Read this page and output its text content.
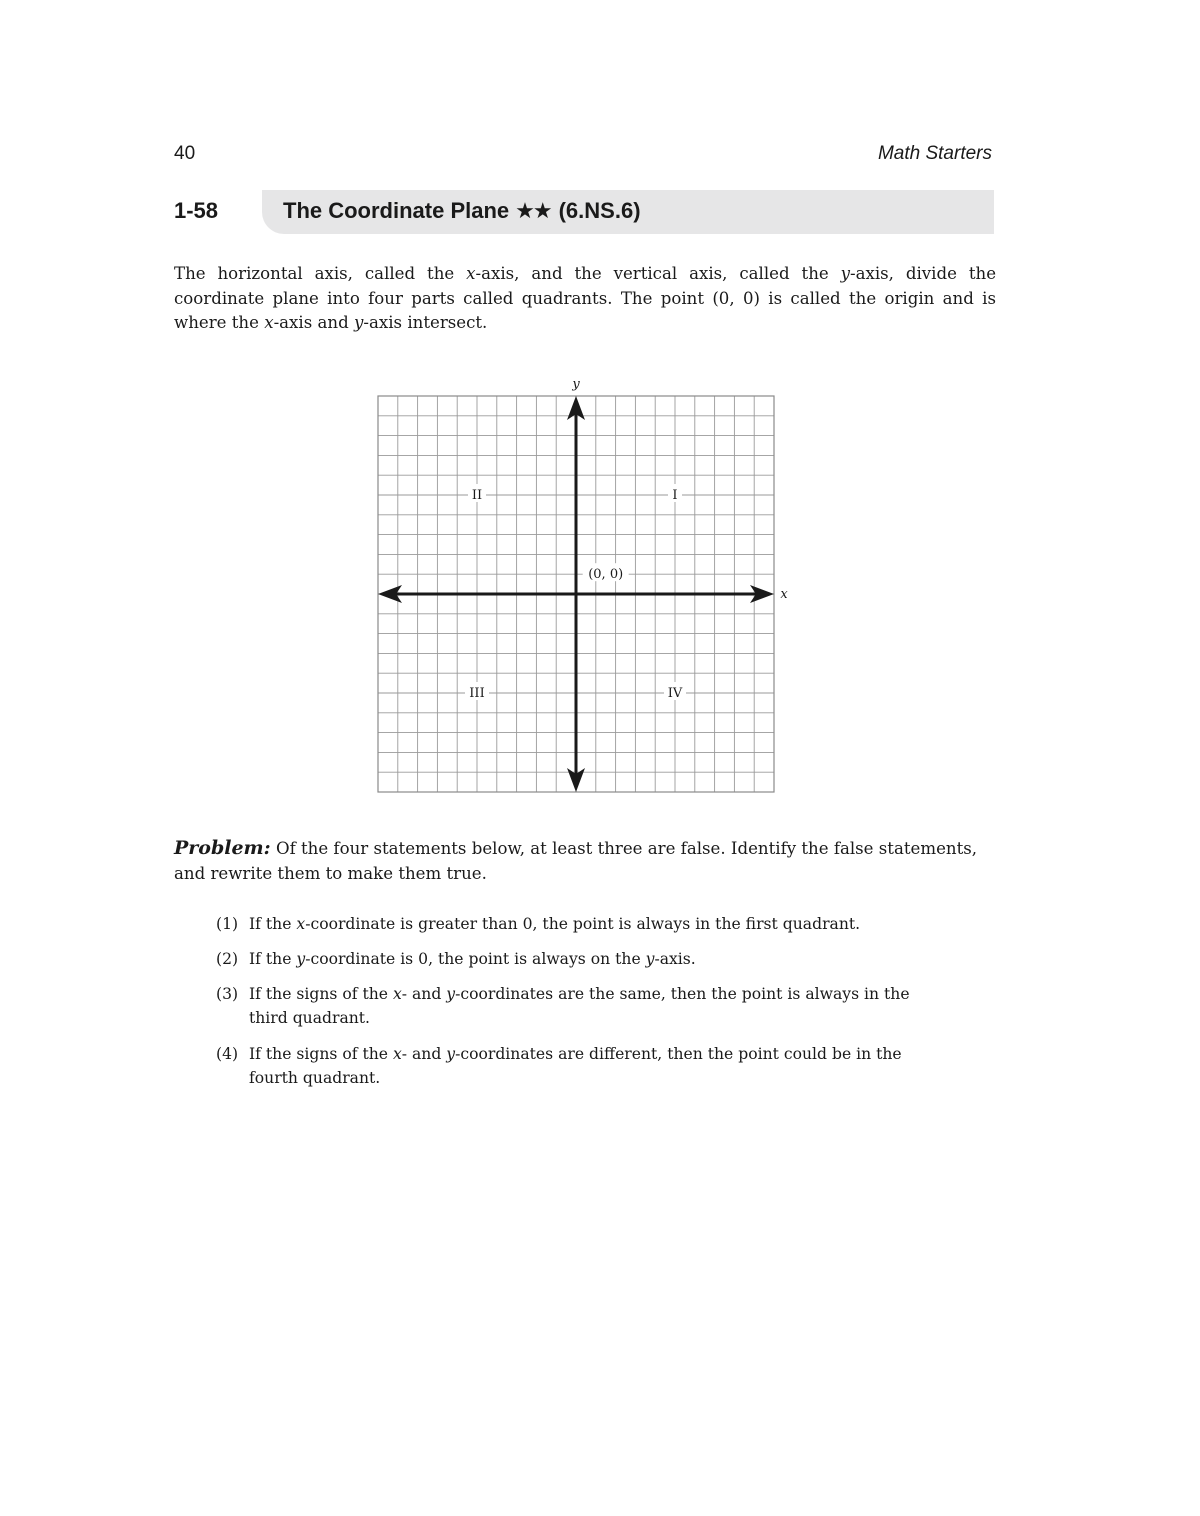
40	Math Starters
1-58	The Coordinate Plane ★★ (6.NS.6)
The horizontal axis, called the x-axis, and the vertical axis, called the y-axis, divide the coordinate plane into four parts called quadrants. The point (0, 0) is called the origin and is where the x-axis and y-axis intersect.
II	I
III	IV
(0, 0)
x
y
Problem: Of the four statements below, at least three are false. Identify the false statements, and rewrite them to make them true.
(1) If the x-coordinate is greater than 0, the point is always in the first quadrant.
(2) If the y-coordinate is 0, the point is always on the y-axis.
(3) If the signs of the x- and y-coordinates are the same, then the point is always in the third quadrant.
(4) If the signs of the x- and y-coordinates are different, then the point could be in the fourth quadrant.
